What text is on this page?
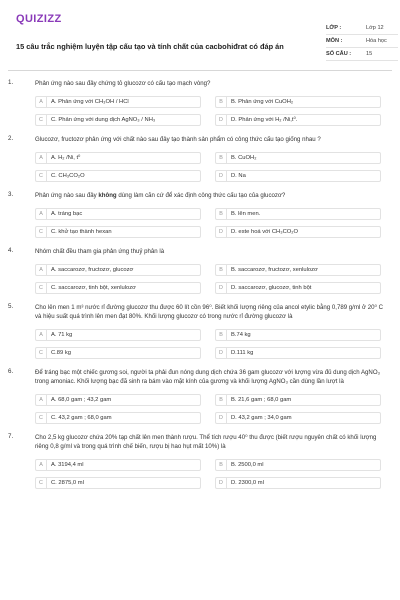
QUIZIZZ
15 câu trắc nghiệm luyện tập cấu tạo và tính chất của cacbohiđrat có đáp án
LỚP :	Lớp 12
MÔN :	Hóa học
SỐ CÂU :	15
1.	Phản ứng nào sau đây chứng tỏ glucozơ có cấu tạo mạch vòng?
A	A. Phản ứng với CH₃OH / HCl	B	B. Phản ứng với CuOH₂
C	C. Phản ứng với dung dịch AgNO₃ / NH₃	D	D. Phản ứng với H₂ /Ni,t⁰.
2.	Glucozơ, fructozơ phản ứng với chất nào sau đây tạo thành sản phẩm có công thức cấu tạo giống nhau ?
A	A. H₂ /Ni, t⁰	B	B. CuOH₂
C	C. CH₃CO₂O	D	D. Na
3.	Phản ứng nào sau đây không dùng làm căn cứ để xác định công thức cấu tạo của glucozơ?
A	A. tráng bạc	B	B. lên men.
C	C. khử tạo thành hexan	D	D. este hoá với CH₃CO₂O
4.	Nhóm chất đều tham gia phản ứng thuỷ phân là
A	A. saccarozơ, fructozơ, glucozơ	B	B. saccarozơ, fructozơ, xenlulozơ
C	C. saccarozơ, tinh bột, xenlulozơ	D	D. saccarozơ, glucozơ, tinh bột
5.	Cho lên men 1 m³ nước rỉ đường glucozơ thu được 60 lít cồn 96⁰. Biết khối lượng riêng của ancol etylic bằng 0,789 g/ml ở 20⁰ C và hiệu suất quá trình lên men đạt 80%. Khối lượng glucozơ có trong nước rỉ đường glucozơ là
A	A. 71 kg	B	B.74 kg
C	C.89 kg	D	D.111 kg
6.	Để tráng bạc một chiếc gương soi, người ta phải đun nóng dung dịch chứa 36 gam glucozơ với lượng vừa đủ dung dịch AgNO₃ trong amoniac. Khối lượng bạc đã sinh ra bám vào mặt kính của gương và khối lượng AgNO₃ cần dùng lần lượt là
A	A. 68,0 gam ; 43,2 gam	B	B. 21,6 gam ; 68,0 gam
C	C. 43,2 gam ; 68,0 gam	D	D. 43,2 gam ; 34,0 gam
7.	Cho 2,5 kg glucozơ chứa 20% tạp chất lên men thành rượu. Thể tích rượu 40⁰ thu được (biết rượu nguyên chất có khối lượng riêng 0,8 g/ml và trong quá trình chế biến, rượu bị hao hụt mất 10%) là
A	A. 3194,4 ml	B	B. 2500,0 ml
C	C. 2875,0 ml	D	D. 2300,0 ml
